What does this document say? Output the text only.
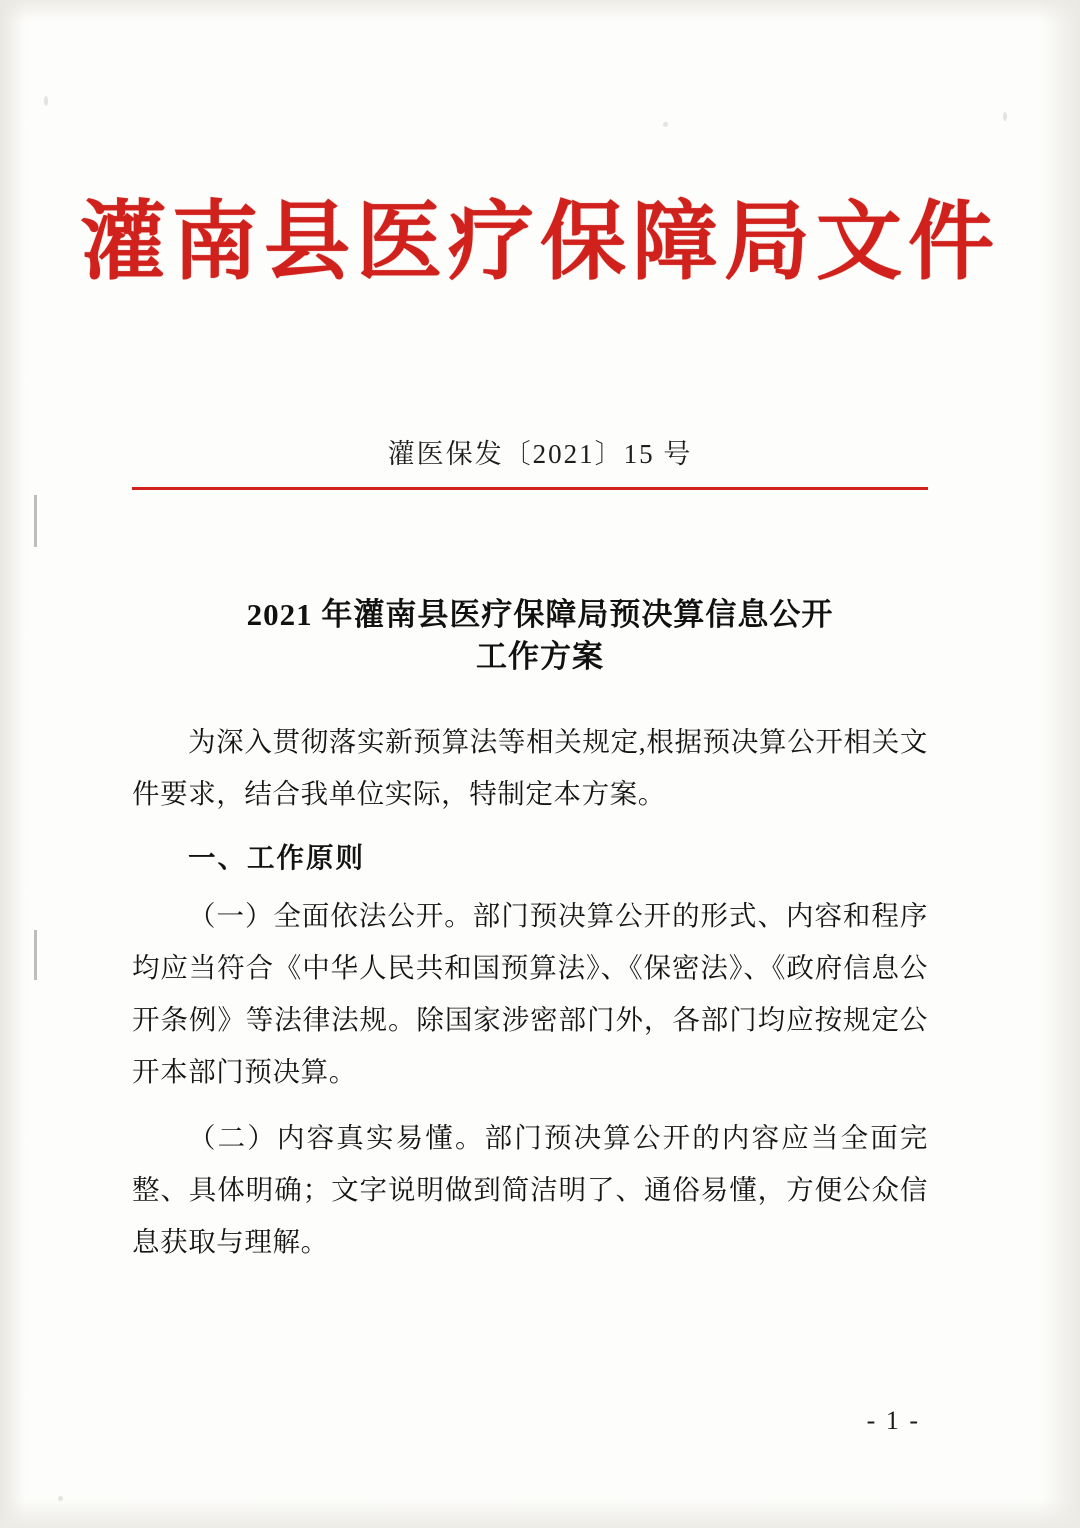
灌南县医疗保障局文件
灌医保发〔2021〕15 号
2021 年灌南县医疗保障局预决算信息公开
工作方案

为深入贯彻落实新预算法等相关规定,根据预决算公开相关文件要求，结合我单位实际，特制定本方案。

一、工作原则

（一）全面依法公开。部门预决算公开的形式、内容和程序均应当符合《中华人民共和国预算法》、《保密法》、《政府信息公开条例》等法律法规。除国家涉密部门外，各部门均应按规定公开本部门预决算。

（二）内容真实易懂。部门预决算公开的内容应当全面完整、具体明确；文字说明做到简洁明了、通俗易懂，方便公众信息获取与理解。

- 1 -
